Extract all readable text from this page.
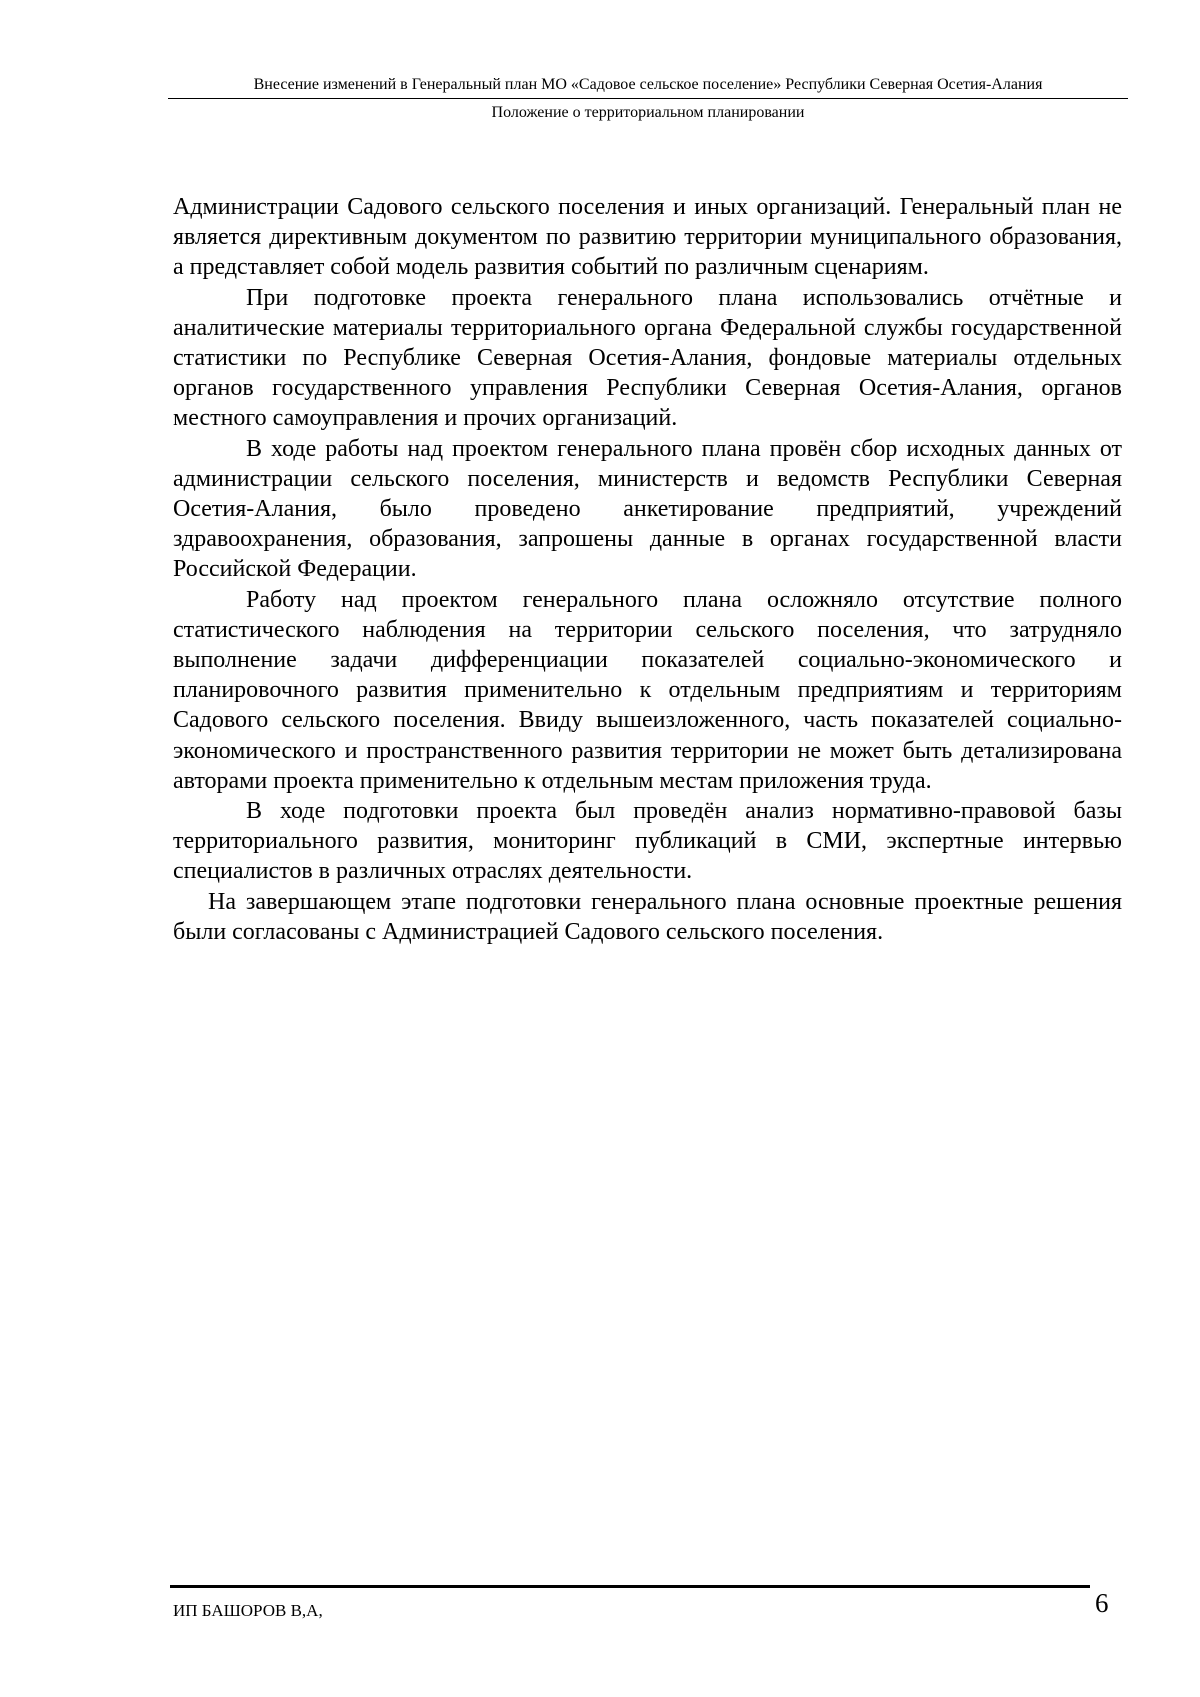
Внесение изменений в Генеральный план МО «Садовое сельское поселение» Республики Северная Осетия-Алания

Положение о территориальном планировании

Администрации Садового сельского поселения и иных организаций. Генеральный план не является директивным документом по развитию территории муниципального образования, а представляет собой модель развития событий по различным сценариям.

При подготовке проекта генерального плана использовались отчётные и аналитические материалы территориального органа Федеральной службы государственной статистики по Республике Северная Осетия-Алания, фондовые материалы отдельных органов государственного управления Республики Северная Осетия-Алания, органов местного самоуправления и прочих организаций.

В ходе работы над проектом генерального плана провён сбор исходных данных от администрации сельского поселения, министерств и ведомств Республики Северная Осетия-Алания, было проведено анкетирование предприятий, учреждений здравоохранения, образования, запрошены данные в органах государственной власти Российской Федерации.

Работу над проектом генерального плана осложняло отсутствие полного статистического наблюдения на территории сельского поселения, что затрудняло выполнение задачи дифференциации показателей социально-экономического и планировочного развития применительно к отдельным предприятиям и территориям Садового сельского поселения. Ввиду вышеизложенного, часть показателей социально-экономического и пространственного развития территории не может быть детализирована авторами проекта применительно к отдельным местам приложения труда.

В ходе подготовки проекта был проведён анализ нормативно-правовой базы территориального развития, мониторинг публикаций в СМИ, экспертные интервью специалистов в различных отраслях деятельности.

На завершающем этапе подготовки генерального плана основные проектные решения были согласованы с Администрацией Садового сельского поселения.

ИП БАШОРОВ В,А,	6
